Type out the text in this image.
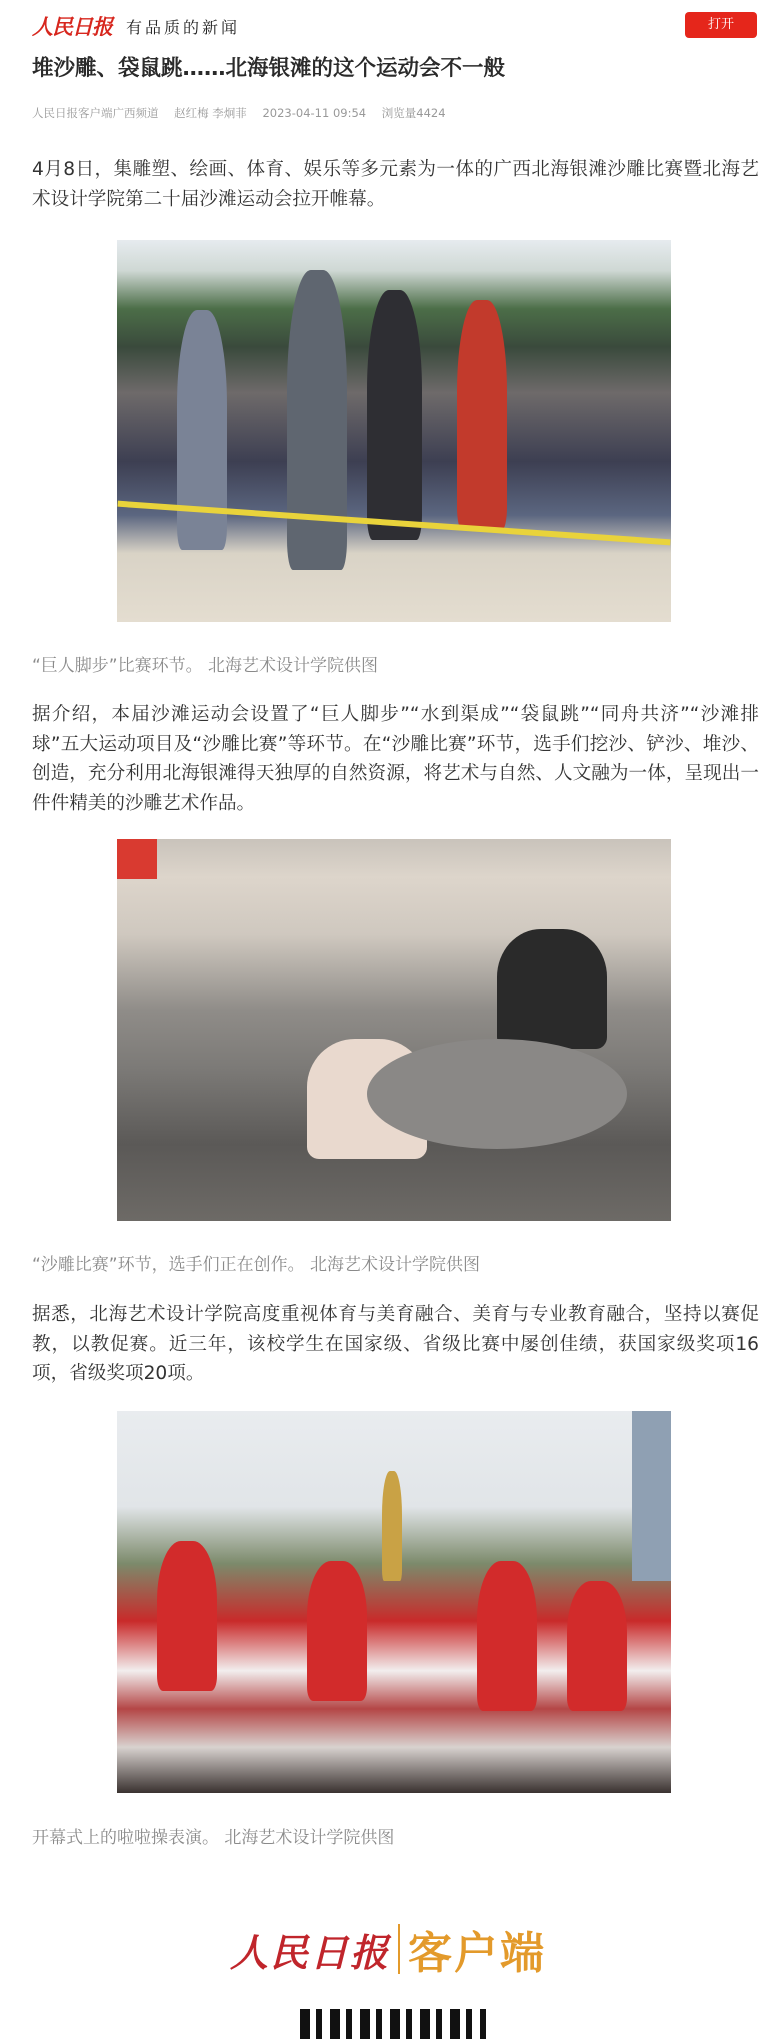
人民日报 有品质的新闻	打开
堆沙雕、袋鼠跳……北海银滩的这个运动会不一般
人民日报客户端广西频道 赵红梅 李炯菲 2023-04-11 09:54 浏览量4424
4月8日，集雕塑、绘画、体育、娱乐等多元素为一体的广西北海银滩沙雕比赛暨北海艺术设计学院第二十届沙滩运动会拉开帷幕。
“巨人脚步”比赛环节。 北海艺术设计学院供图
据介绍，本届沙滩运动会设置了“巨人脚步”“水到渠成”“袋鼠跳”“同舟共济”“沙滩排球”五大运动项目及“沙雕比赛”等环节。在“沙雕比赛”环节，选手们挖沙、铲沙、堆沙、创造，充分利用北海银滩得天独厚的自然资源，将艺术与自然、人文融为一体，呈现出一件件精美的沙雕艺术作品。
“沙雕比赛”环节，选手们正在创作。 北海艺术设计学院供图
据悉，北海艺术设计学院高度重视体育与美育融合、美育与专业教育融合，坚持以赛促教，以教促赛。近三年，该校学生在国家级、省级比赛中屡创佳绩，获国家级奖项16项，省级奖项20项。
开幕式上的啦啦操表演。 北海艺术设计学院供图
人民日报 客户端
